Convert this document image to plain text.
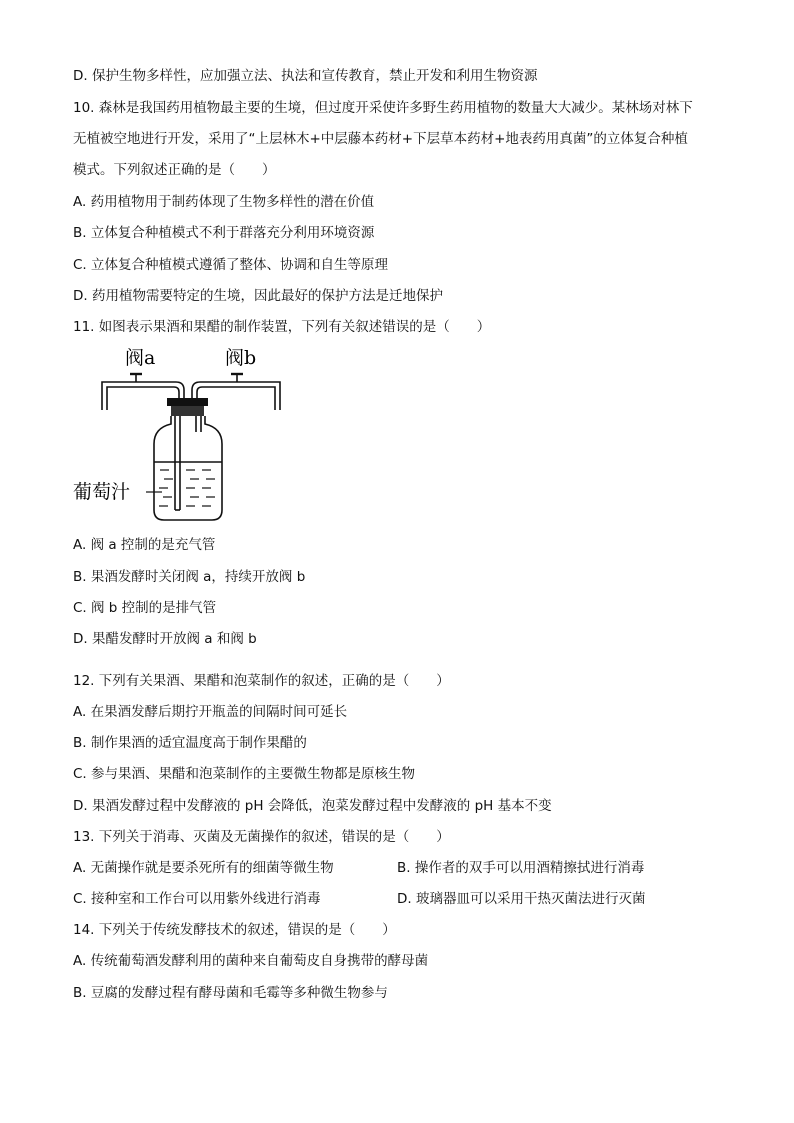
D. 保护生物多样性，应加强立法、执法和宣传教育，禁止开发和利用生物资源
10. 森林是我国药用植物最主要的生境，但过度开采使许多野生药用植物的数量大大减少。某林场对林下
无植被空地进行开发，采用了“上层林木+中层藤本药材+下层草本药材+地表药用真菌”的立体复合种植
模式。下列叙述正确的是（　　）
A. 药用植物用于制药体现了生物多样性的潜在价值
B. 立体复合种植模式不利于群落充分利用环境资源
C. 立体复合种植模式遵循了整体、协调和自生等原理
D. 药用植物需要特定的生境，因此最好的保护方法是迁地保护
11. 如图表示果酒和果醋的制作装置，下列有关叙述错误的是（　　）
阀a	阀b
葡萄汁
A. 阀 a 控制的是充气管
B. 果酒发酵时关闭阀 a，持续开放阀 b
C. 阀 b 控制的是排气管
D. 果醋发酵时开放阀 a 和阀 b
12. 下列有关果酒、果醋和泡菜制作的叙述，正确的是（　　）
A. 在果酒发酵后期拧开瓶盖的间隔时间可延长
B. 制作果酒的适宜温度高于制作果醋的
C. 参与果酒、果醋和泡菜制作的主要微生物都是原核生物
D. 果酒发酵过程中发酵液的 pH 会降低，泡菜发酵过程中发酵液的 pH 基本不变
13. 下列关于消毒、灭菌及无菌操作的叙述，错误的是（　　）
A. 无菌操作就是要杀死所有的细菌等微生物	B. 操作者的双手可以用酒精擦拭进行消毒
C. 接种室和工作台可以用紫外线进行消毒	D. 玻璃器皿可以采用干热灭菌法进行灭菌
14. 下列关于传统发酵技术的叙述，错误的是（　　）
A. 传统葡萄酒发酵利用的菌种来自葡萄皮自身携带的酵母菌
B. 豆腐的发酵过程有酵母菌和毛霉等多种微生物参与
